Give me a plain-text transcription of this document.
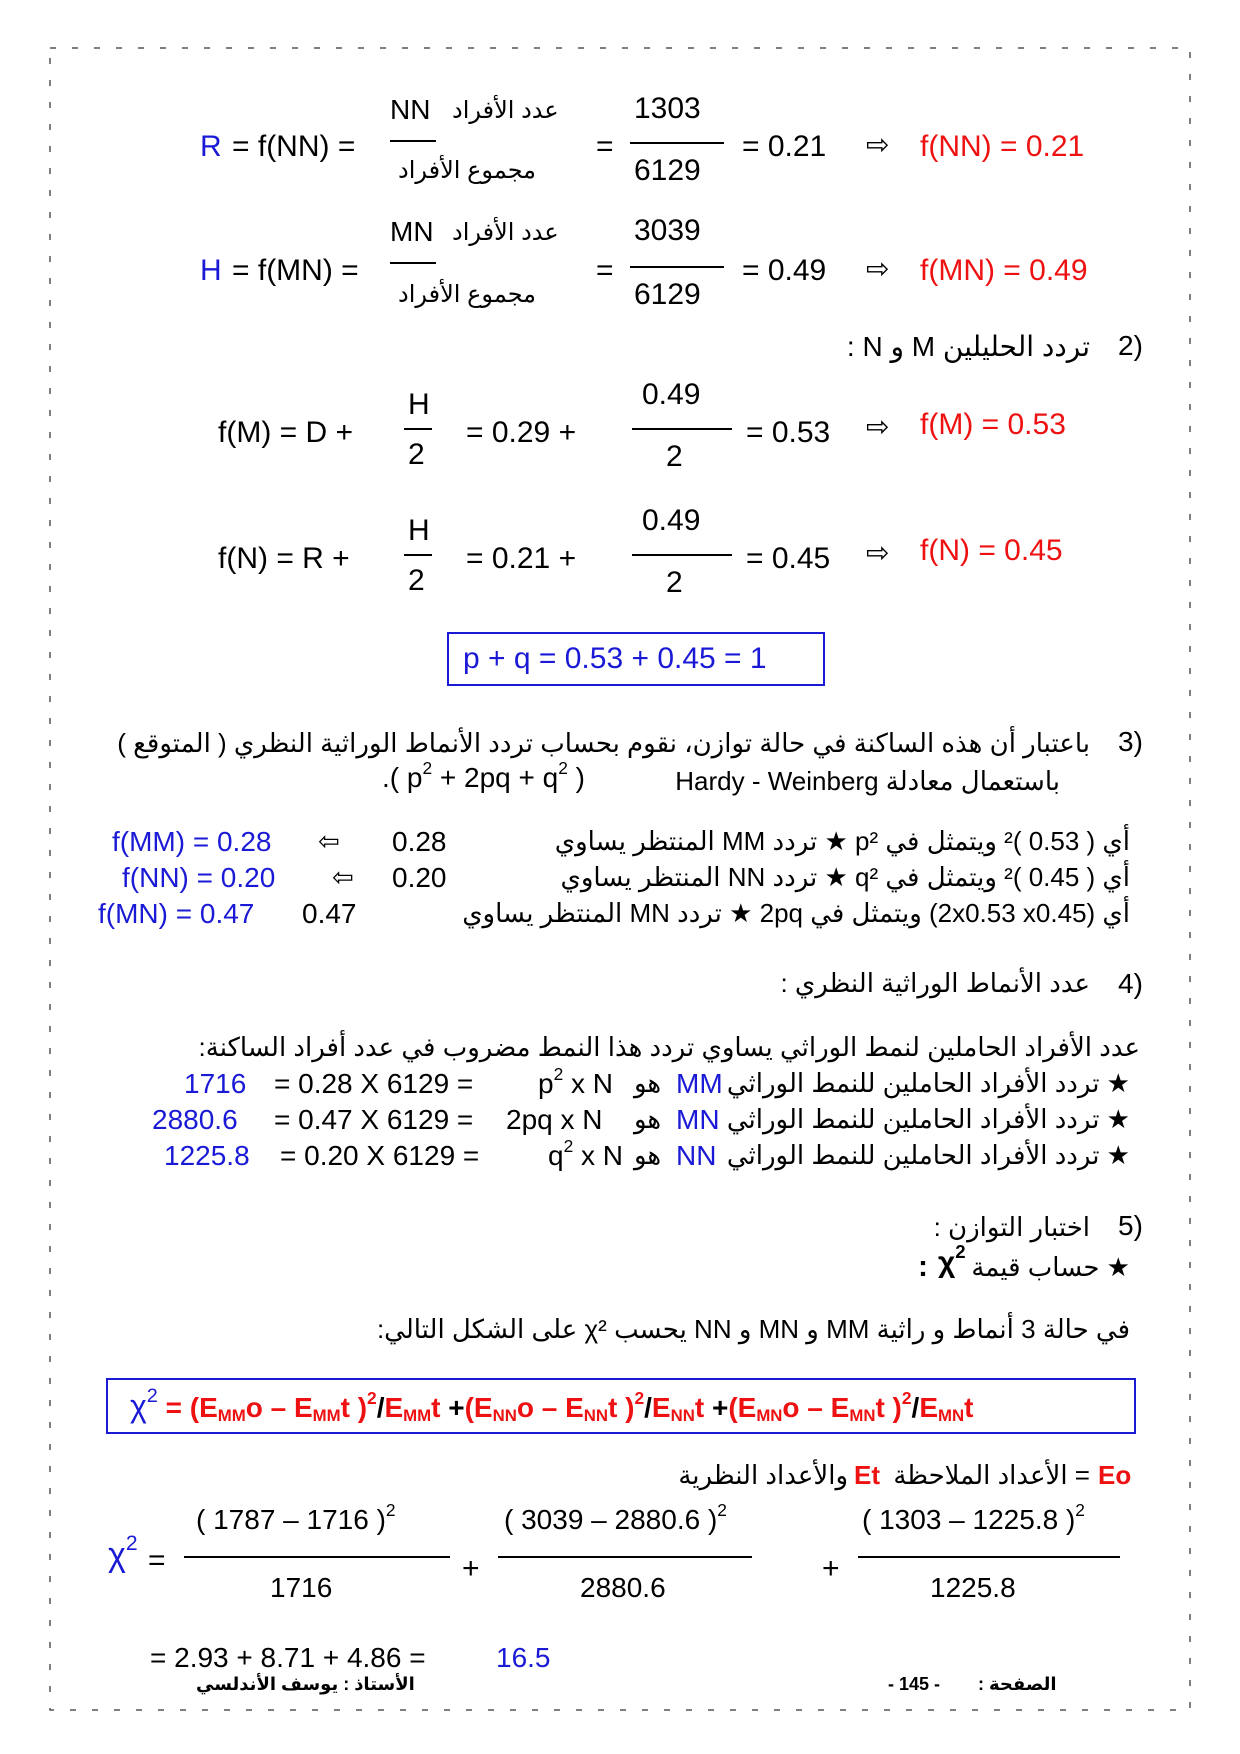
R = f(NN) =
عدد الأفراد
NN
مجموع الأفراد
=
1303
6129
= 0.21 ⇨ f(NN) = 0.21
H = f(MN) =
عدد الأفراد
MN
مجموع الأفراد
=
3039
6129
= 0.49 ⇨ f(MN) = 0.49
2)
تردد الحليلين M و N :
f(M) = D +
H
2
= 0.29 +
0.49
2
= 0.53 ⇨ f(M) = 0.53
f(N) = R +
H
2
= 0.21 +
0.49
2
= 0.45 ⇨ f(N) = 0.45
p + q = 0.53 + 0.45 = 1
3)
باعتبار أن هذه الساكنة في حالة توازن، نقوم بحساب تردد الأنماط الوراثية النظري ( المتوقع )
باستعمال معادلة Hardy - Weinberg
.( $p^2 + 2pq + q^2$ )
f(MM) = 0.28 ⇦ 0.28	أي ( 0.53 )² ويتمثل في p² ★ تردد MM المنتظر يساوي
f(NN) = 0.20 ⇦ 0.20	أي ( 0.45 )² ويتمثل في q² ★ تردد NN المنتظر يساوي
f(MN) = 0.47 0.47	أي (2x0.53 x0.45) ويتمثل في 2pq ★ تردد MN المنتظر يساوي
4)
عدد الأنماط الوراثية النظري :
عدد الأفراد الحاملين لنمط الوراثي يساوي تردد هذا النمط مضروب في عدد أفراد الساكنة:
1716 = 0.28 X $6129 = p^2$ x N هو MM ★ تردد الأفراد الحاملين للنمط الوراثي
2880.6 = 0.47 X 6129 = 2pq x N هو MN ★ تردد الأفراد الحاملين للنمط الوراثي
1225.8 = 0.20 X $6129 = q^2$ x N هو NN ★ تردد الأفراد الحاملين للنمط الوراثي
5)
اختبار التوازن :
★ حساب قيمة
$\chi^2$
:
في حالة 3 أنماط و راثية MM و MN و NN يحسب χ² على الشكل التالي:
$\chi^2 = (E_{MM}o - E_{MM}t$ )$^2/E_{MM}t +(E_{NN}o - E_{NN}t$ )$^2/E_{NN}t +(E_{MN}o - E_{MN}t$ )$^2/E_{MN}t$
Eo
= الأعداد الملاحظة
Et
والأعداد النظرية
$\chi^2$
=
( 1787 – 1716 )$^2$
1716
+
( 3039 – 2880.6 )$^2$
2880.6
+
( 1303 – 1225.8 )$^2$
1225.8
= 2.93 + 8.71 + 4.86 =	16.5
الأستاذ : يوسف الأندلسي	الصفحة :
- 145 -
